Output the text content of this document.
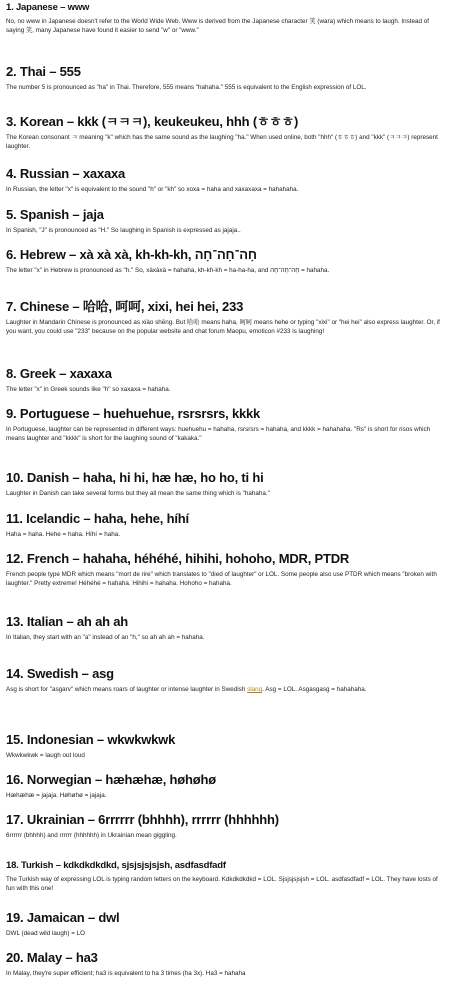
1. Japanese – www

No, no www in Japanese doesn't refer to the World Wide Web. Www is derived from the Japanese character 笑 (wara) which means to laugh. Instead of saying 笑, many Japanese have found it easier to send "w" or "www."

2. Thai – 555

The number 5 is pronounced as "ha" in Thai. Therefore, 555 means "hahaha." 555 is equivalent to the English expression of LOL.

3. Korean – kkk (ㅋㅋㅋ), keukeukeu, hhh (ㅎㅎㅎ)

The Korean consonant ㅋ meaning "k" which has the same sound as the laughing "ha." When used online, both "hhh" (ㅎㅎㅎ) and "kkk" (ㅋㅋㅋ) represent laughter.

4. Russian – xaxaxa

In Russian, the letter "x" is equivalent to the sound "h" or "kh" so xoxa = haha and xaxaxaxa = hahahaha.

5. Spanish – jaja

In Spanish, "J" is pronounced as "H." So laughing in Spanish is expressed as jajaja..

6. Hebrew – xà xà xà, kh-kh-kh, חָה־חָה־חָה

The letter "x" in Hebrew is pronounced as "h." So, xàxàxà = hahaha, kh-kh-kh = ha-ha-ha, and חָה־חָה־חָה = hahaha.

7. Chinese – 哈哈, 呵呵, xixi, hei hei, 233

Laughter in Mandarin Chinese is pronounced as xiào shēng. But 哈哈 means haha, 呵呵 means hehe or typing "xixi" or "hei hei" also express laughter. Or, if you want, you could use "233" because on the popular website and chat forum Maopu, emoticon #233 is laughing!

8. Greek – xaxaxa

The letter "x" in Greek sounds like "h" so xaxaxa = hahaha.

9. Portuguese – huehuehue, rsrsrsrs, kkkk

In Portuguese, laughter can be represented in different ways: huehuehu = hahaha, rsrsrsrs = hahaha, and kkkk = hahahaha. "Rs" is short for risos which means laughter and "kkkk" is short for the laughing sound of "kakaka."

10. Danish – haha, hi hi, hæ hæ, ho ho, ti hi

Laughter in Danish can take several forms but they all mean the same thing which is "hahaha."

11. Icelandic – haha, hehe, híhí

Haha = haha. Hehe = haha. Híhí = haha.

12. French – hahaha, héhéhé, hihihi, hohoho, MDR, PTDR

French people type MDR which means "mort de rire" which translates to "died of laughter" or LOL. Some people also use PTDR which means "broken with laughter." Pretty extreme! Héhéhé = hahaha. Hihihi = hahaha. Hohoho = hahaha.

13. Italian – ah ah ah

In Italian, they start with an "a" instead of an "h," so ah ah ah = hahaha.

14. Swedish – asg

Asg is short for "asgarv" which means roars of laughter or intense laughter in Swedish slang. Asg = LOL. Asgasgasg = hahahaha.

15. Indonesian – wkwkwkwk

Wkwkwkwk = laugh out loud

16. Norwegian – hæhæhæ, høhøhø

Hæhæhæ = jajaja. Høhøhø = jajaja.

17. Ukrainian – 6rrrrrr (bhhhh), rrrrrr (hhhhhh)

6rrrrrr (bhhhh) and rrrrrr (hhhhhh) in Ukrainian mean giggling.

18. Turkish – kdkdkdkdkd, sjsjsjsjsjsh, asdfasdfadf

The Turkish way of expressing LOL is typing random letters on the keyboard. Kdkdkdkdkd = LOL. Sjsjsjsjsjsh = LOL. asdfasdfadf = LOL. They have losts of fun with this one!

19. Jamaican – dwl

DWL (dead wild laugh) = LO

20. Malay – ha3

In Malay, they're super efficient; ha3 is equivalent to ha 3 times (ha 3x). Ha3 = hahaha
